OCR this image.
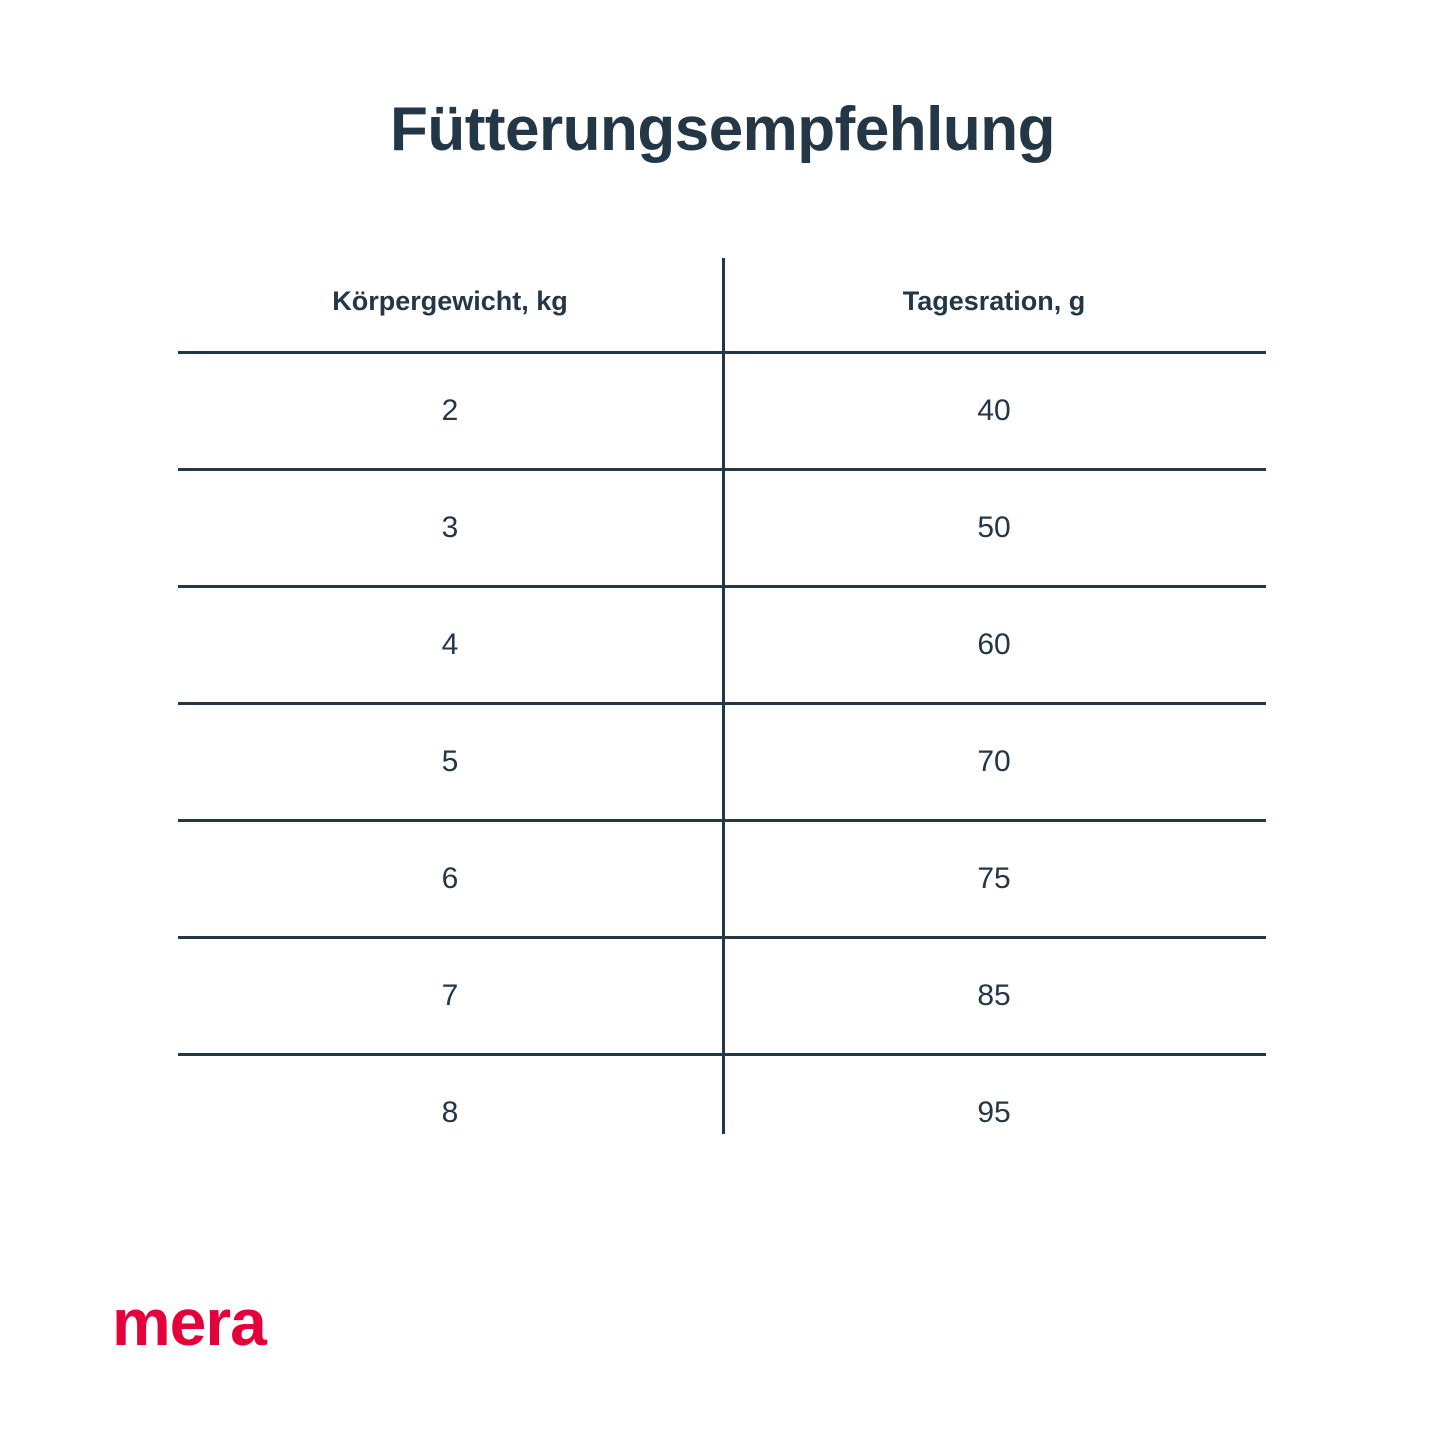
Fütterungsempfehlung
Körpergewicht, kg	Tagesration, g
2	40
3	50
4	60
5	70
6	75
7	85
8	95
mera
